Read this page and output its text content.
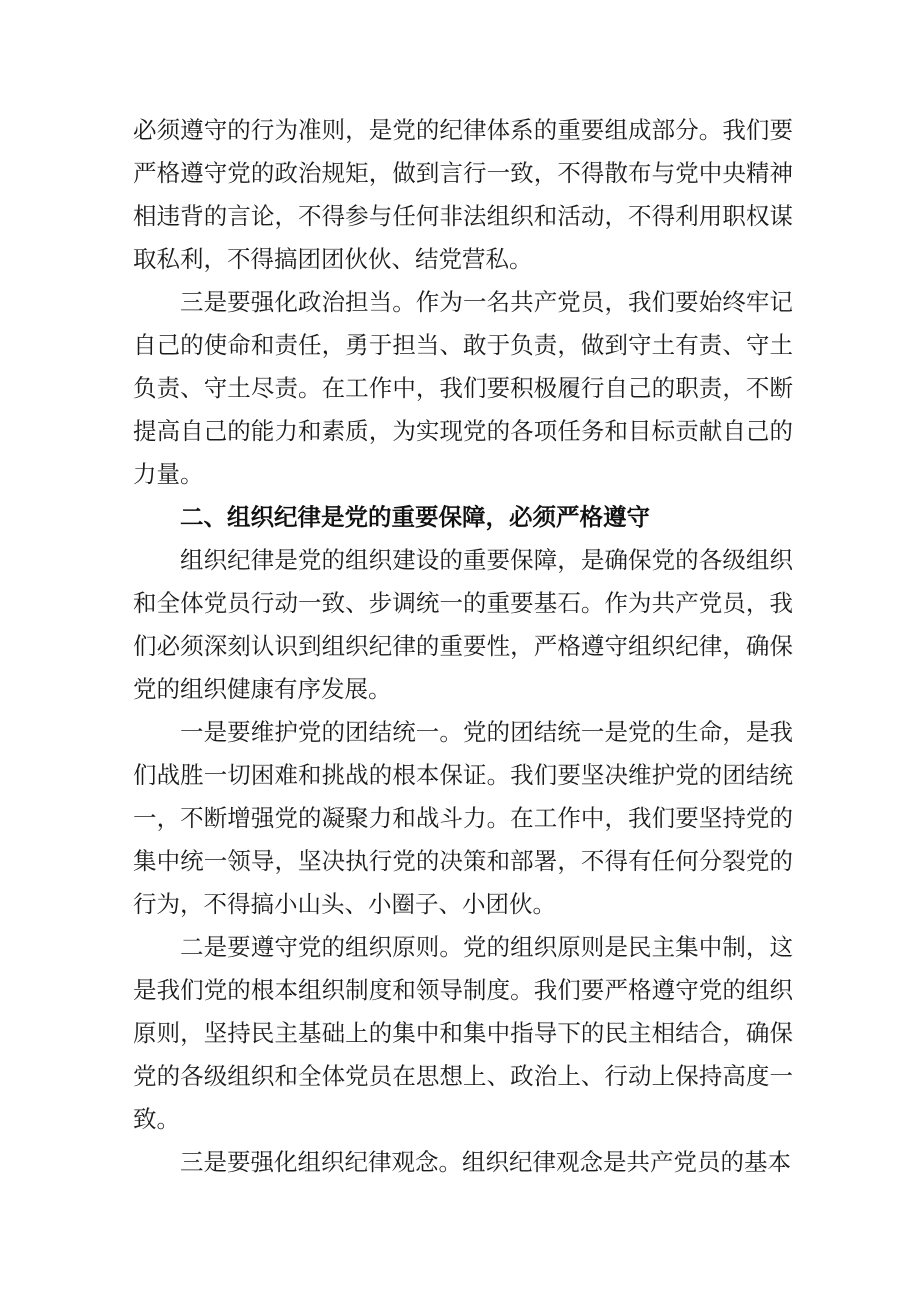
必须遵守的行为准则，是党的纪律体系的重要组成部分。我们要严格遵守党的政治规矩，做到言行一致，不得散布与党中央精神相违背的言论，不得参与任何非法组织和活动，不得利用职权谋取私利，不得搞团团伙伙、结党营私。

三是要强化政治担当。作为一名共产党员，我们要始终牢记自己的使命和责任，勇于担当、敢于负责，做到守土有责、守土负责、守土尽责。在工作中，我们要积极履行自己的职责，不断提高自己的能力和素质，为实现党的各项任务和目标贡献自己的力量。

二、组织纪律是党的重要保障，必须严格遵守

组织纪律是党的组织建设的重要保障，是确保党的各级组织和全体党员行动一致、步调统一的重要基石。作为共产党员，我们必须深刻认识到组织纪律的重要性，严格遵守组织纪律，确保党的组织健康有序发展。

一是要维护党的团结统一。党的团结统一是党的生命，是我们战胜一切困难和挑战的根本保证。我们要坚决维护党的团结统一，不断增强党的凝聚力和战斗力。在工作中，我们要坚持党的集中统一领导，坚决执行党的决策和部署，不得有任何分裂党的行为，不得搞小山头、小圈子、小团伙。

二是要遵守党的组织原则。党的组织原则是民主集中制，这是我们党的根本组织制度和领导制度。我们要严格遵守党的组织原则，坚持民主基础上的集中和集中指导下的民主相结合，确保党的各级组织和全体党员在思想上、政治上、行动上保持高度一致。

三是要强化组织纪律观念。组织纪律观念是共产党员的基本
